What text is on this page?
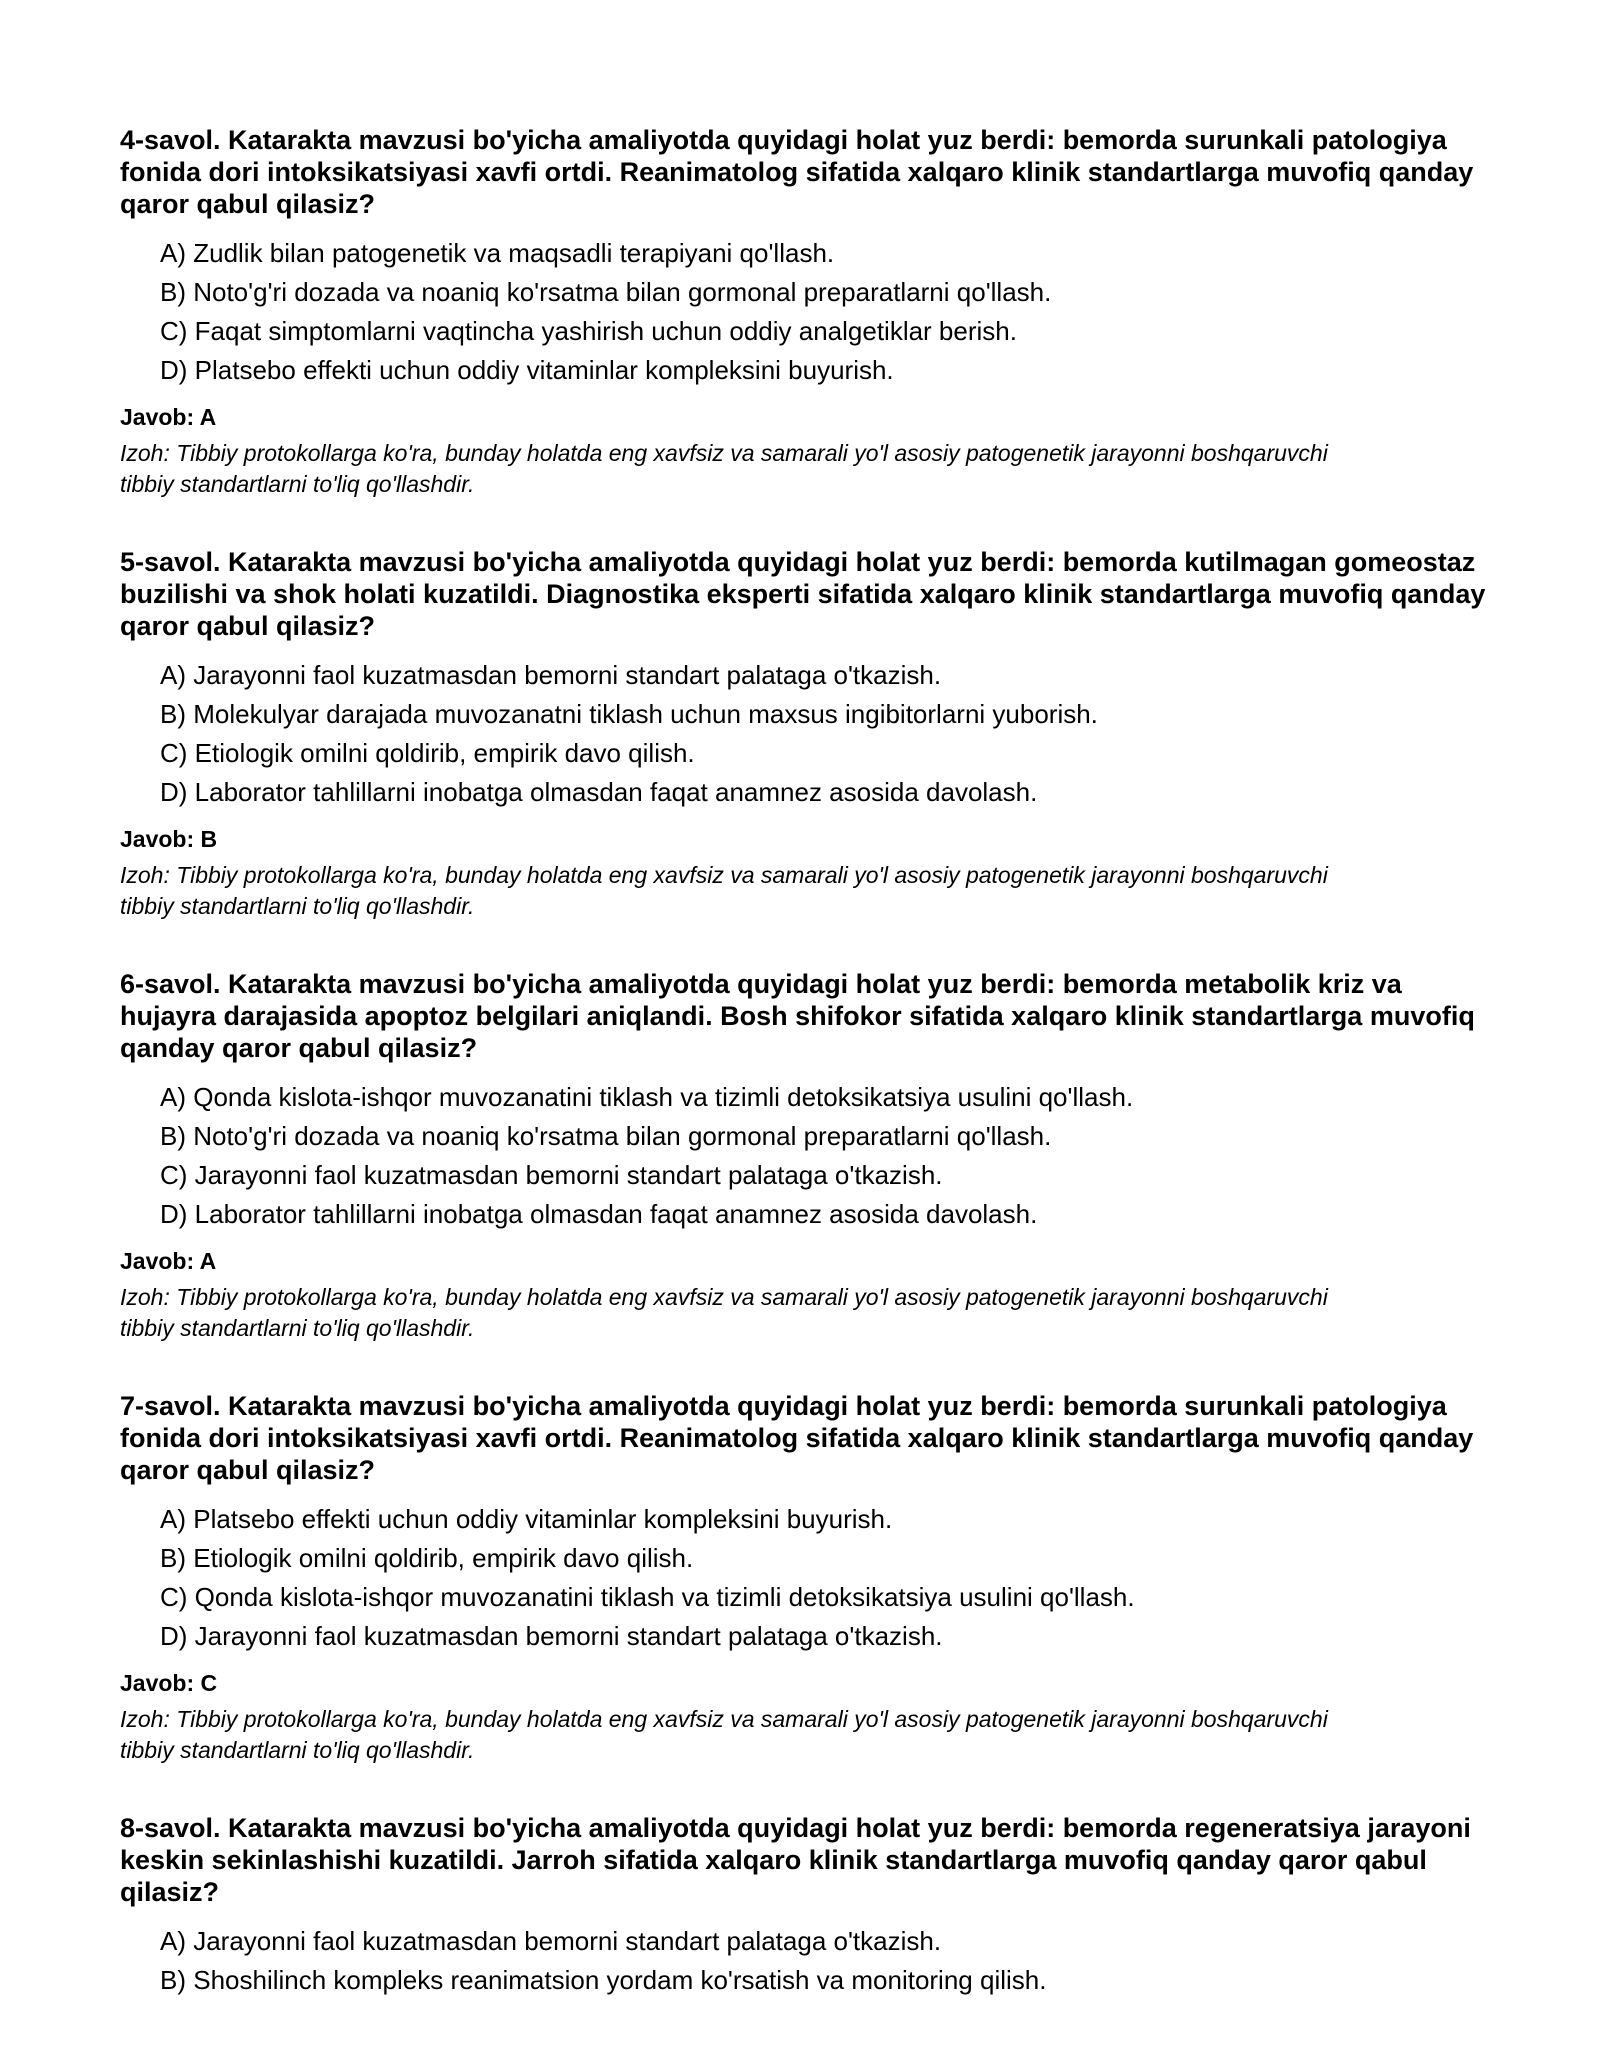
4-savol. Katarakta mavzusi bo'yicha amaliyotda quyidagi holat yuz berdi: bemorda surunkali patologiya fonida dori intoksikatsiyasi xavfi ortdi. Reanimatolog sifatida xalqaro klinik standartlarga muvofiq qanday qaror qabul qilasiz?

A) Zudlik bilan patogenetik va maqsadli terapiyani qo'llash.
B) Noto'g'ri dozada va noaniq ko'rsatma bilan gormonal preparatlarni qo'llash.
C) Faqat simptomlarni vaqtincha yashirish uchun oddiy analgetiklar berish.
D) Platsebo effekti uchun oddiy vitaminlar kompleksini buyurish.

Javob: A

Izoh: Tibbiy protokollarga ko'ra, bunday holatda eng xavfsiz va samarali yo'l asosiy patogenetik jarayonni boshqaruvchi tibbiy standartlarni to'liq qo'llashdir.

5-savol. Katarakta mavzusi bo'yicha amaliyotda quyidagi holat yuz berdi: bemorda kutilmagan gomeostaz buzilishi va shok holati kuzatildi. Diagnostika eksperti sifatida xalqaro klinik standartlarga muvofiq qanday qaror qabul qilasiz?

A) Jarayonni faol kuzatmasdan bemorni standart palataga o'tkazish.
B) Molekulyar darajada muvozanatni tiklash uchun maxsus ingibitorlarni yuborish.
C) Etiologik omilni qoldirib, empirik davo qilish.
D) Laborator tahlillarni inobatga olmasdan faqat anamnez asosida davolash.

Javob: B

Izoh: Tibbiy protokollarga ko'ra, bunday holatda eng xavfsiz va samarali yo'l asosiy patogenetik jarayonni boshqaruvchi tibbiy standartlarni to'liq qo'llashdir.

6-savol. Katarakta mavzusi bo'yicha amaliyotda quyidagi holat yuz berdi: bemorda metabolik kriz va hujayra darajasida apoptoz belgilari aniqlandi. Bosh shifokor sifatida xalqaro klinik standartlarga muvofiq qanday qaror qabul qilasiz?

A) Qonda kislota-ishqor muvozanatini tiklash va tizimli detoksikatsiya usulini qo'llash.
B) Noto'g'ri dozada va noaniq ko'rsatma bilan gormonal preparatlarni qo'llash.
C) Jarayonni faol kuzatmasdan bemorni standart palataga o'tkazish.
D) Laborator tahlillarni inobatga olmasdan faqat anamnez asosida davolash.

Javob: A

Izoh: Tibbiy protokollarga ko'ra, bunday holatda eng xavfsiz va samarali yo'l asosiy patogenetik jarayonni boshqaruvchi tibbiy standartlarni to'liq qo'llashdir.

7-savol. Katarakta mavzusi bo'yicha amaliyotda quyidagi holat yuz berdi: bemorda surunkali patologiya fonida dori intoksikatsiyasi xavfi ortdi. Reanimatolog sifatida xalqaro klinik standartlarga muvofiq qanday qaror qabul qilasiz?

A) Platsebo effekti uchun oddiy vitaminlar kompleksini buyurish.
B) Etiologik omilni qoldirib, empirik davo qilish.
C) Qonda kislota-ishqor muvozanatini tiklash va tizimli detoksikatsiya usulini qo'llash.
D) Jarayonni faol kuzatmasdan bemorni standart palataga o'tkazish.

Javob: C

Izoh: Tibbiy protokollarga ko'ra, bunday holatda eng xavfsiz va samarali yo'l asosiy patogenetik jarayonni boshqaruvchi tibbiy standartlarni to'liq qo'llashdir.

8-savol. Katarakta mavzusi bo'yicha amaliyotda quyidagi holat yuz berdi: bemorda regeneratsiya jarayoni keskin sekinlashishi kuzatildi. Jarroh sifatida xalqaro klinik standartlarga muvofiq qanday qaror qabul qilasiz?

A) Jarayonni faol kuzatmasdan bemorni standart palataga o'tkazish.
B) Shoshilinch kompleks reanimatsion yordam ko'rsatish va monitoring qilish.
